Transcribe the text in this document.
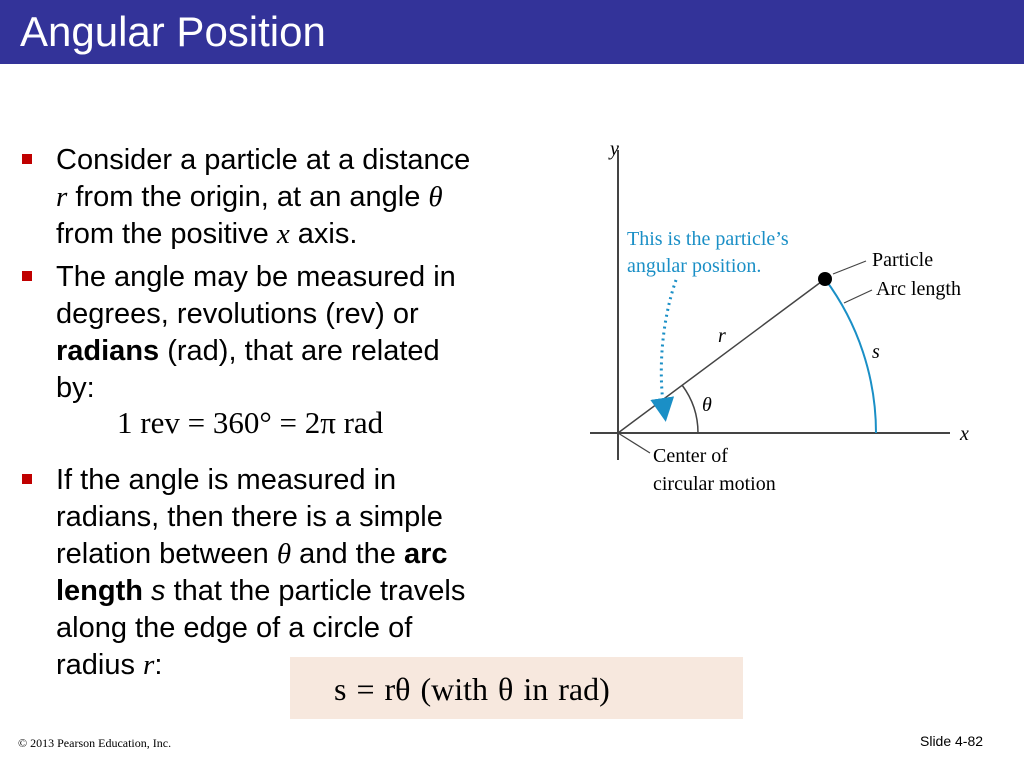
Angular Position
Consider a particle at a distance
r from the origin, at an angle θ
from the positive x axis.
The angle may be measured in
degrees, revolutions (rev) or
radians (rad), that are related
by:
If the angle is measured in
radians, then there is a simple
relation between θ and the arc
length s that the particle travels
along the edge of a circle of
radius r:
1 rev = 360° = 2π rad
s = rθ (with θ in rad)
y
x
r
θ
s
This is the particle’s
angular position.	Particle
Arc length
Center of
circular motion
© 2013 Pearson Education, Inc.	Slide 4-82
